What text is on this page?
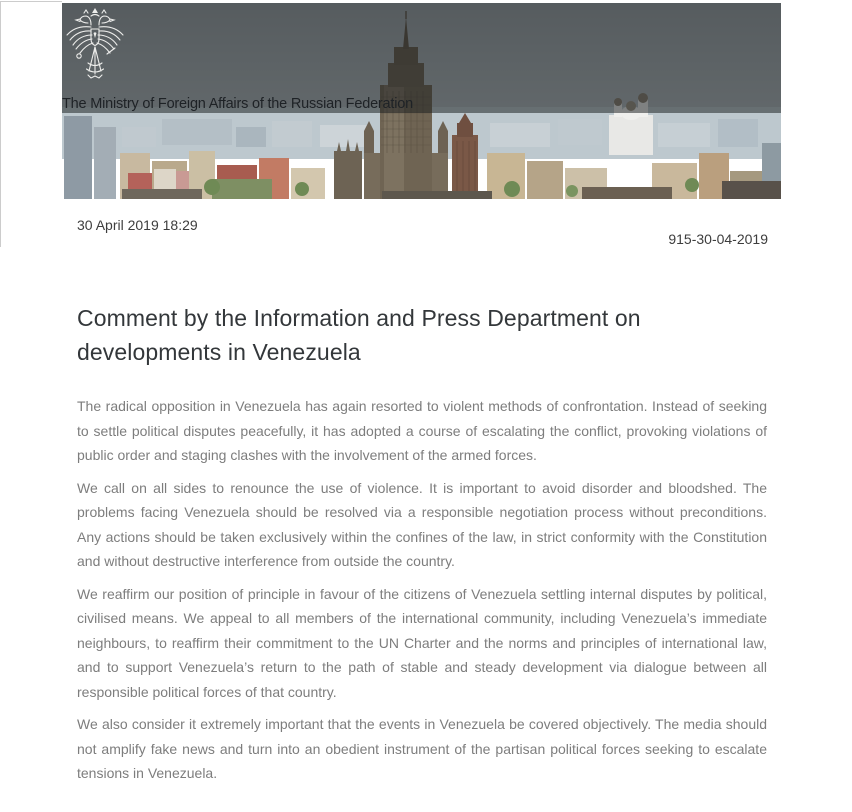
The Ministry of Foreign Affairs of the Russian Federation
30 April 2019 18:29
915-30-04-2019
Comment by the Information and Press Department on developments in Venezuela

The radical opposition in Venezuela has again resorted to violent methods of confrontation. Instead of seeking to settle political disputes peacefully, it has adopted a course of escalating the conflict, provoking violations of public order and staging clashes with the involvement of the armed forces.

We call on all sides to renounce the use of violence. It is important to avoid disorder and bloodshed. The problems facing Venezuela should be resolved via a responsible negotiation process without preconditions. Any actions should be taken exclusively within the confines of the law, in strict conformity with the Constitution and without destructive interference from outside the country.

We reaffirm our position of principle in favour of the citizens of Venezuela settling internal disputes by political, civilised means. We appeal to all members of the international community, including Venezuela’s immediate neighbours, to reaffirm their commitment to the UN Charter and the norms and principles of international law, and to support Venezuela’s return to the path of stable and steady development via dialogue between all responsible political forces of that country.

We also consider it extremely important that the events in Venezuela be covered objectively. The media should not amplify fake news and turn into an obedient instrument of the partisan political forces seeking to escalate tensions in Venezuela.
